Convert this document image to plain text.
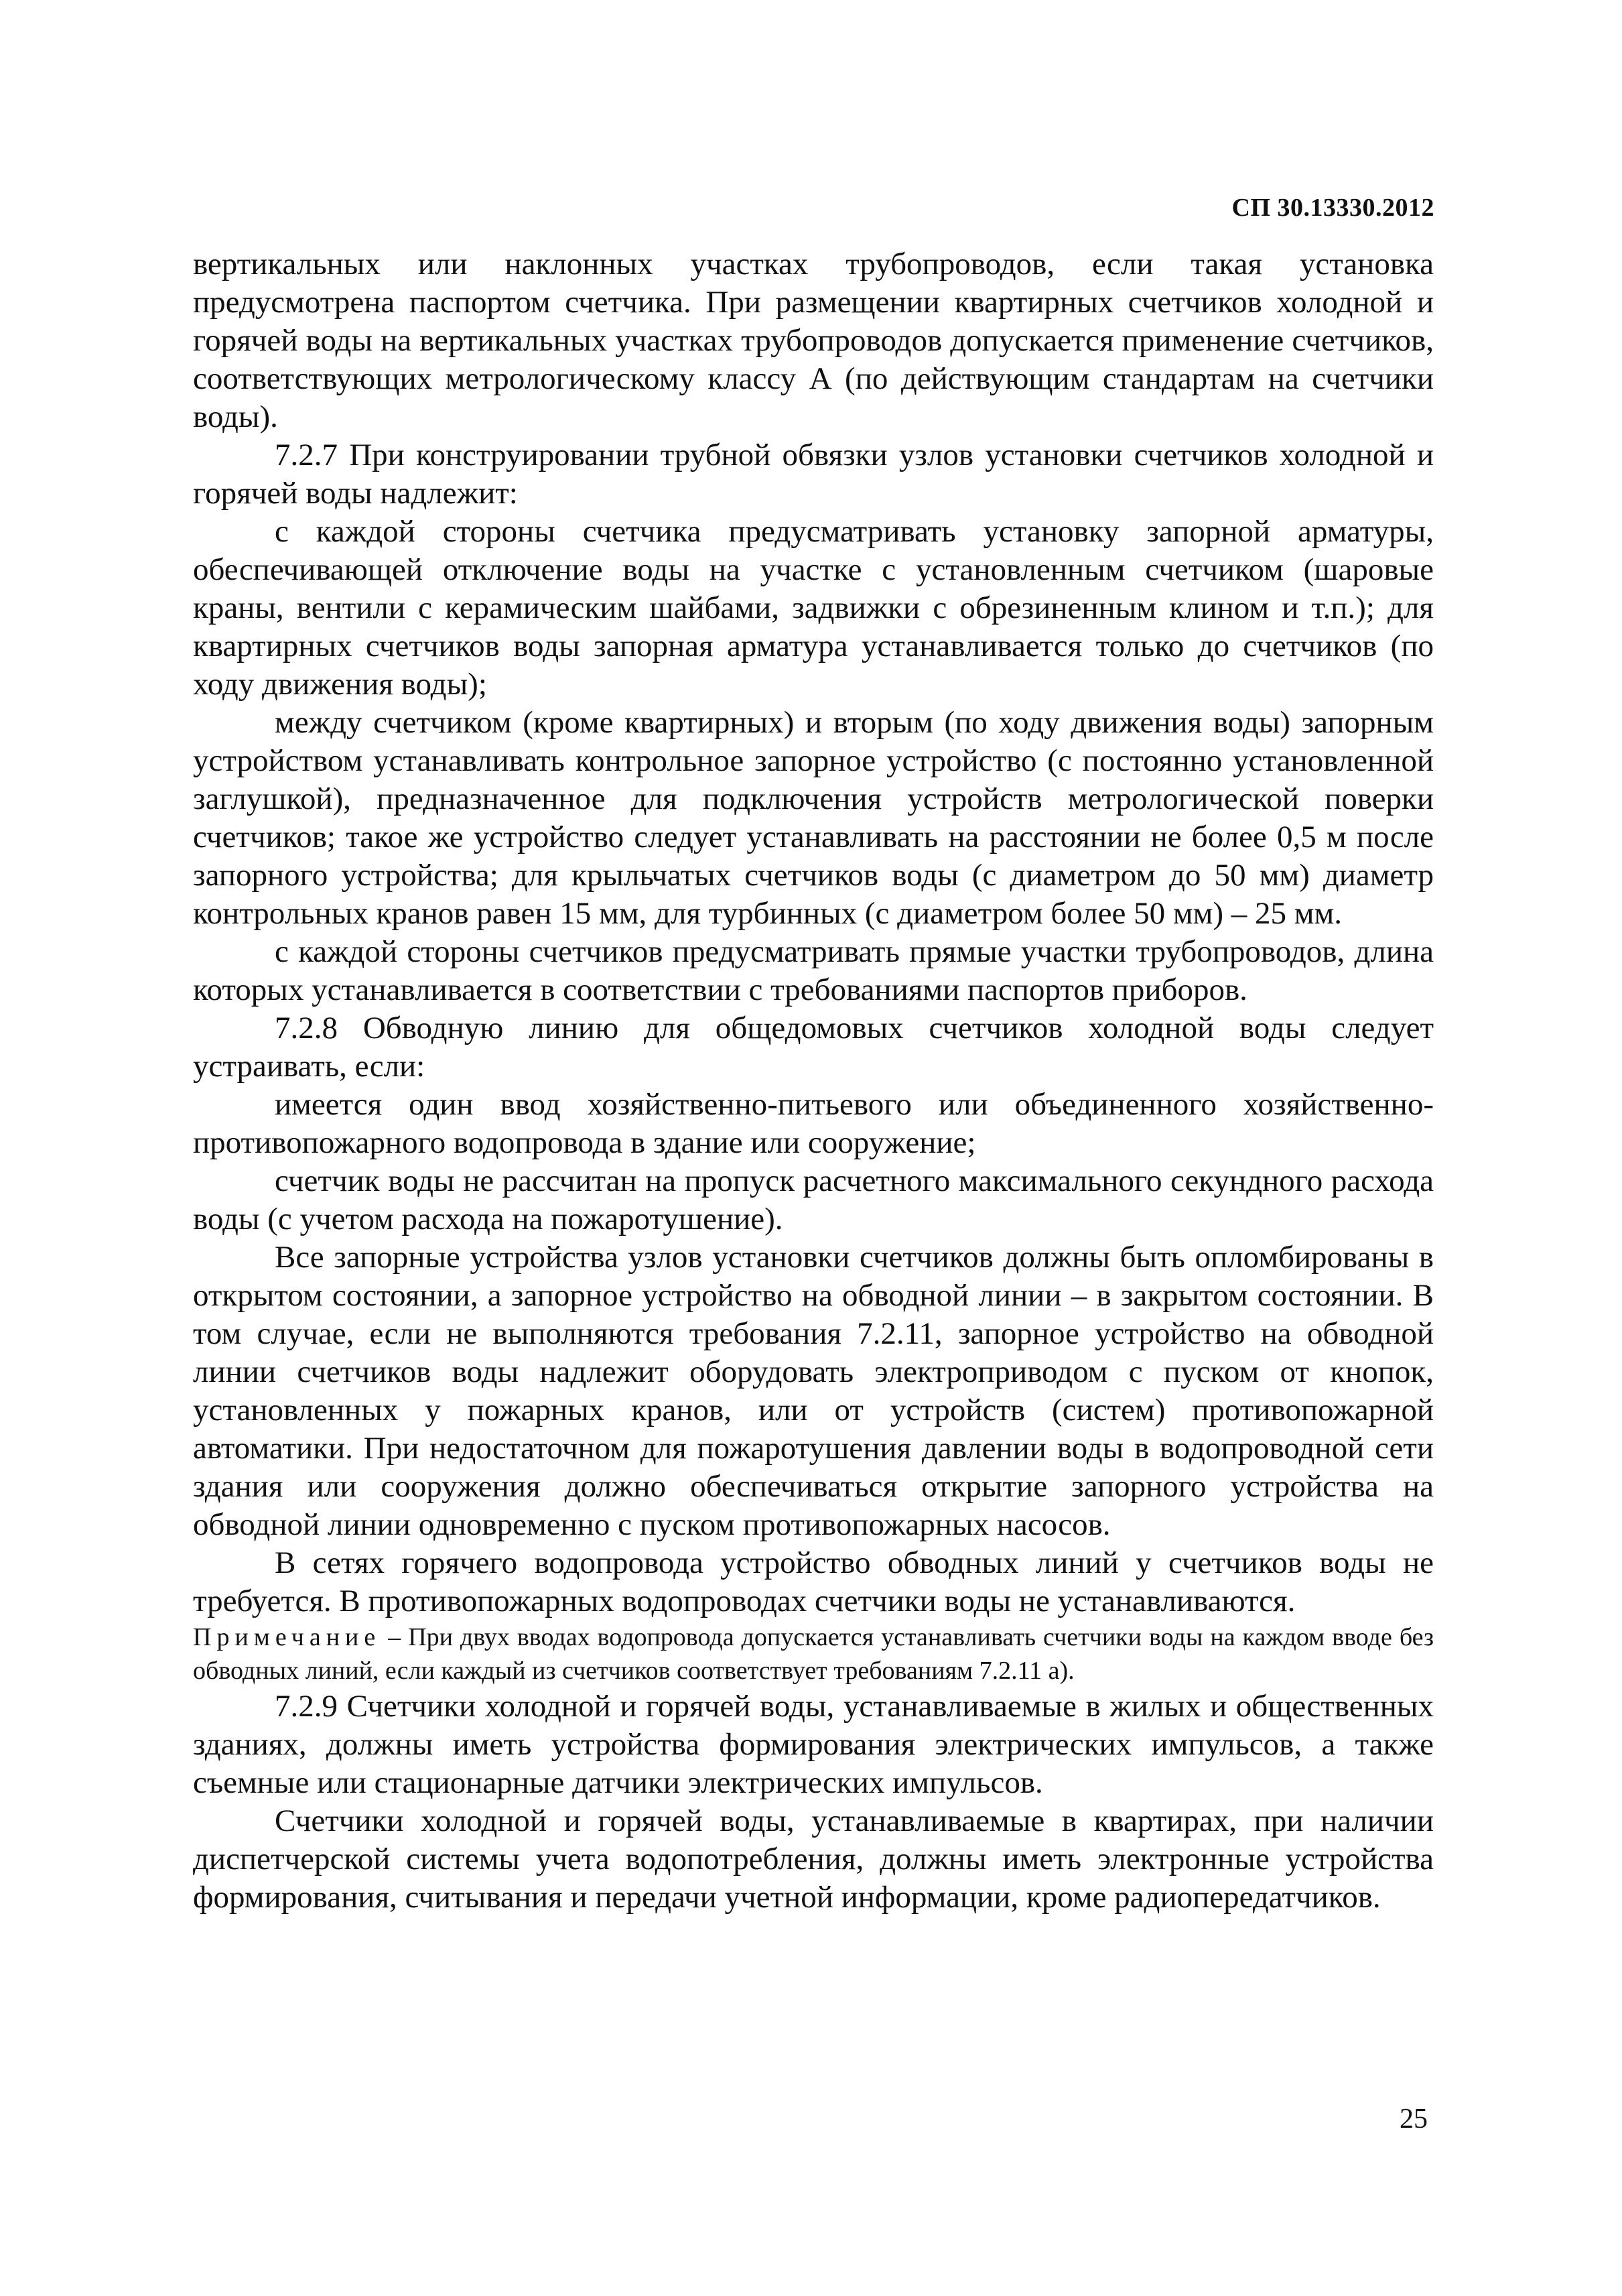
СП 30.13330.2012

вертикальных или наклонных участках трубопроводов, если такая установка предусмотрена паспортом счетчика. При размещении квартирных счетчиков холодной и горячей воды на вертикальных участках трубопроводов допускается применение счетчиков, соответствующих метрологическому классу А (по действующим стандартам на счетчики воды).

7.2.7 При конструировании трубной обвязки узлов установки счетчиков холодной и горячей воды надлежит:

с каждой стороны счетчика предусматривать установку запорной арматуры, обеспечивающей отключение воды на участке с установленным счетчиком (шаровые краны, вентили с керамическим шайбами, задвижки с обрезиненным клином и т.п.); для квартирных счетчиков воды запорная арматура устанавливается только до счетчиков (по ходу движения воды);

между счетчиком (кроме квартирных) и вторым (по ходу движения воды) запорным устройством устанавливать контрольное запорное устройство (с постоянно установленной заглушкой), предназначенное для подключения устройств метрологической поверки счетчиков; такое же устройство следует устанавливать на расстоянии не более 0,5 м после запорного устройства; для крыльчатых счетчиков воды (с диаметром до 50 мм) диаметр контрольных кранов равен 15 мм, для турбинных (с диаметром более 50 мм) – 25 мм.

с каждой стороны счетчиков предусматривать прямые участки трубопроводов, длина которых устанавливается в соответствии с требованиями паспортов приборов.

7.2.8 Обводную линию для общедомовых счетчиков холодной воды следует устраивать, если:

имеется один ввод хозяйственно-питьевого или объединенного хозяйственно-противопожарного водопровода в здание или сооружение;

счетчик воды не рассчитан на пропуск расчетного максимального секундного расхода воды (с учетом расхода на пожаротушение).

Все запорные устройства узлов установки счетчиков должны быть опломбированы в открытом состоянии, а запорное устройство на обводной линии – в закрытом состоянии. В том случае, если не выполняются требования 7.2.11, запорное устройство на обводной линии счетчиков воды надлежит оборудовать электроприводом с пуском от кнопок, установленных у пожарных кранов, или от устройств (систем) противопожарной автоматики. При недостаточном для пожаротушения давлении воды в водопроводной сети здания или сооружения должно обеспечиваться открытие запорного устройства на обводной линии одновременно с пуском противопожарных насосов.

В сетях горячего водопровода устройство обводных линий у счетчиков воды не требуется. В противопожарных водопроводах счетчики воды не устанавливаются.

Примечание – При двух вводах водопровода допускается устанавливать счетчики воды на каждом вводе без обводных линий, если каждый из счетчиков соответствует требованиям 7.2.11 а).

7.2.9 Счетчики холодной и горячей воды, устанавливаемые в жилых и общественных зданиях, должны иметь устройства формирования электрических импульсов, а также съемные или стационарные датчики электрических импульсов.

Счетчики холодной и горячей воды, устанавливаемые в квартирах, при наличии диспетчерской системы учета водопотребления, должны иметь электронные устройства формирования, считывания и передачи учетной информации, кроме радиопередатчиков.

25
